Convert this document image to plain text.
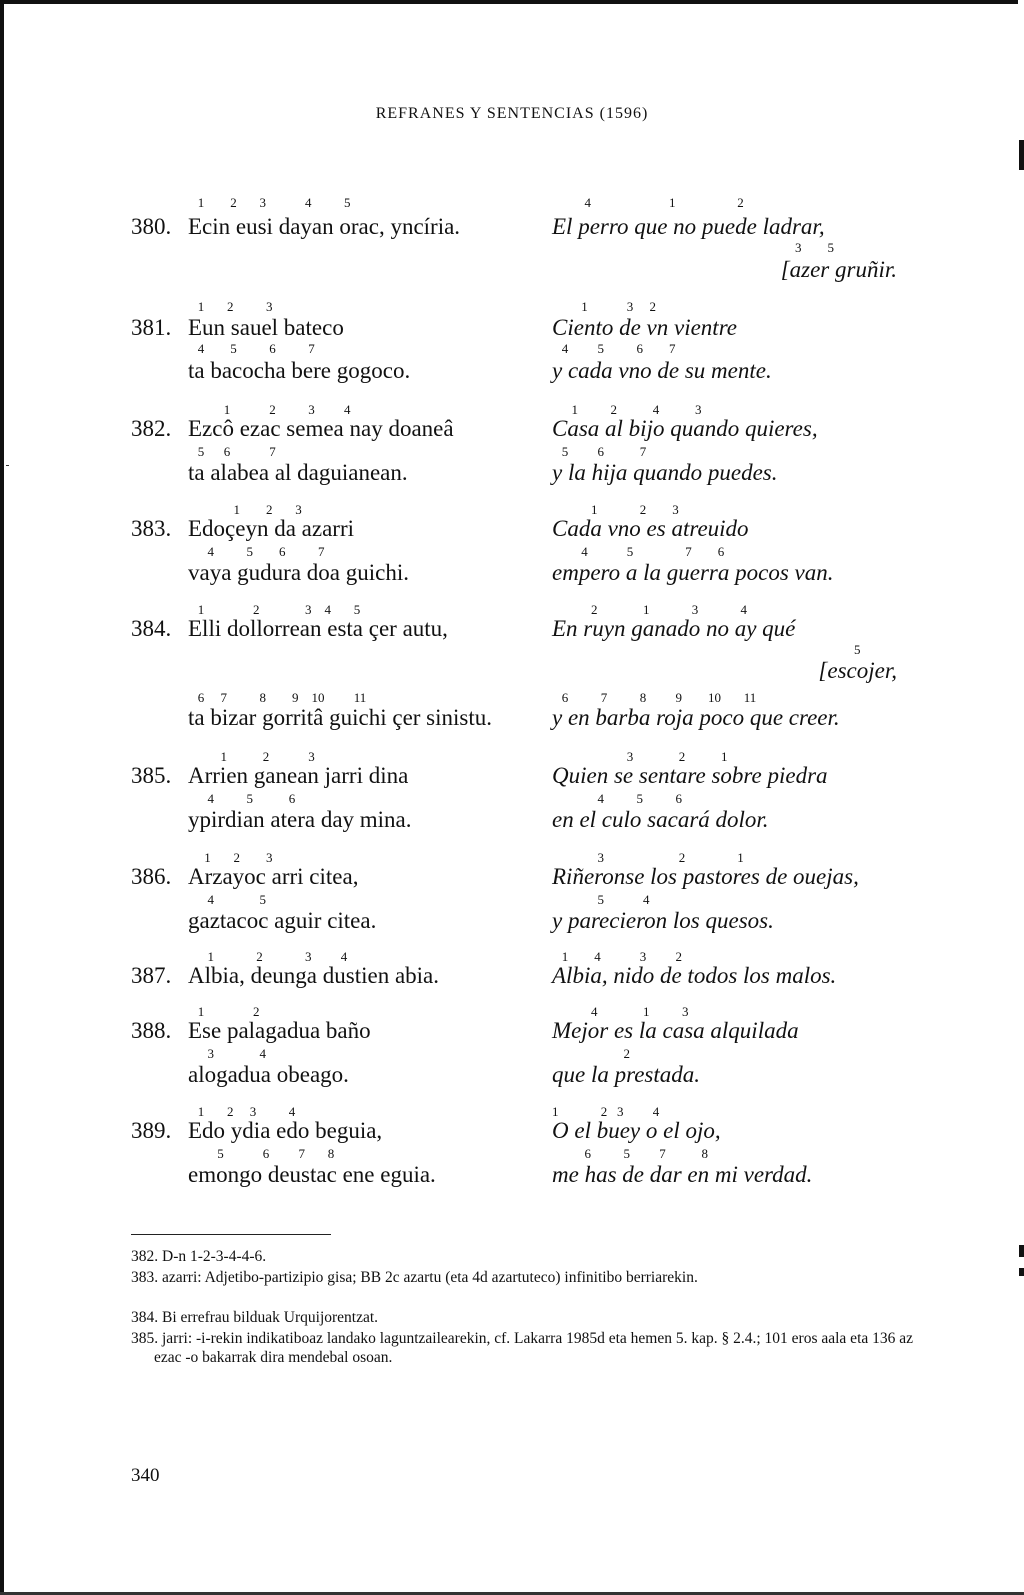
REFRANES Y SENTENCIAS (1596)
1        2       3            4          5
380. Ecin eusi dayan orac, yncíria.
4                        1                   2
El perro que no puede ladrar,
3        5
[azer gruñir.
1       2          3
381. Eun sauel bateco
4        5          6          7
ta bacocha bere gogoco.
1            3     2
Ciento de vn vientre
4         5          6        7
y cada vno de su mente.
1            2          3         4
382. Ezcô ezac semea nay doaneâ
5      6            7
ta alabea al daguianean.
1          2           4           3
Casa al bijo quando quieres,
5         6           7
y la hija quando puedes.
1        2       3
383. Edoçeyn da azarri
4          5        6          7
vaya gudura doa guichi.
1             2        3
Cada vno es atreuido
4            5                7        6
empero a la guerra pocos van.
1               2              3    4       5
384. Elli dollorrean esta çer autu,
6     7          8        9    10         11
ta bizar gorritâ guichi çer sinistu.
2              1             3             4
En ruyn ganado no ay qué
5
[escojer,
6          7          8         9        10       11
y en barba roja poco que creer.
1           2            3
385. Arrien ganean jarri dina
4          5           6
ypirdian atera day mina.
3              2           1
Quien se sentare sobre piedra
4          5          6
en el culo sacará dolor.
1       2        3
386. Arzayoc arri citea,
4              5
gaztacoc aguir citea.
3                       2                1
Riñeronse los pastores de ouejas,
5            4
y parecieron los quesos.
1             2             3         4
387. Albia, deunga dustien abia.
1        4            3         2
Albia, nido de todos los malos.
1               2
388. Ese palagadua baño
3              4
alogadua obeago.
4              1          3
Mejor es la casa alquilada
2
que la prestada.
1       2     3          4
389. Edo ydia edo beguia,
5            6         7       8
emongo deustac ene eguia.
1             2   3         4
O el buey o el ojo,
6          5         7           8
me has de dar en mi verdad.
382. D-n 1-2-3-4-4-6.
383. azarri: Adjetibo-partizipio gisa; BB 2c azartu (eta 4d azartuteco) infinitibo berriarekin.
384. Bi errefrau bilduak Urquijorentzat.
385. jarri: -i-rekin indikatiboaz landako laguntzailearekin, cf. Lakarra 1985d eta hemen 5. kap. § 2.4.; 101 eros aala eta 136 az ezac -o bakarrak dira mendebal osoan.
340
